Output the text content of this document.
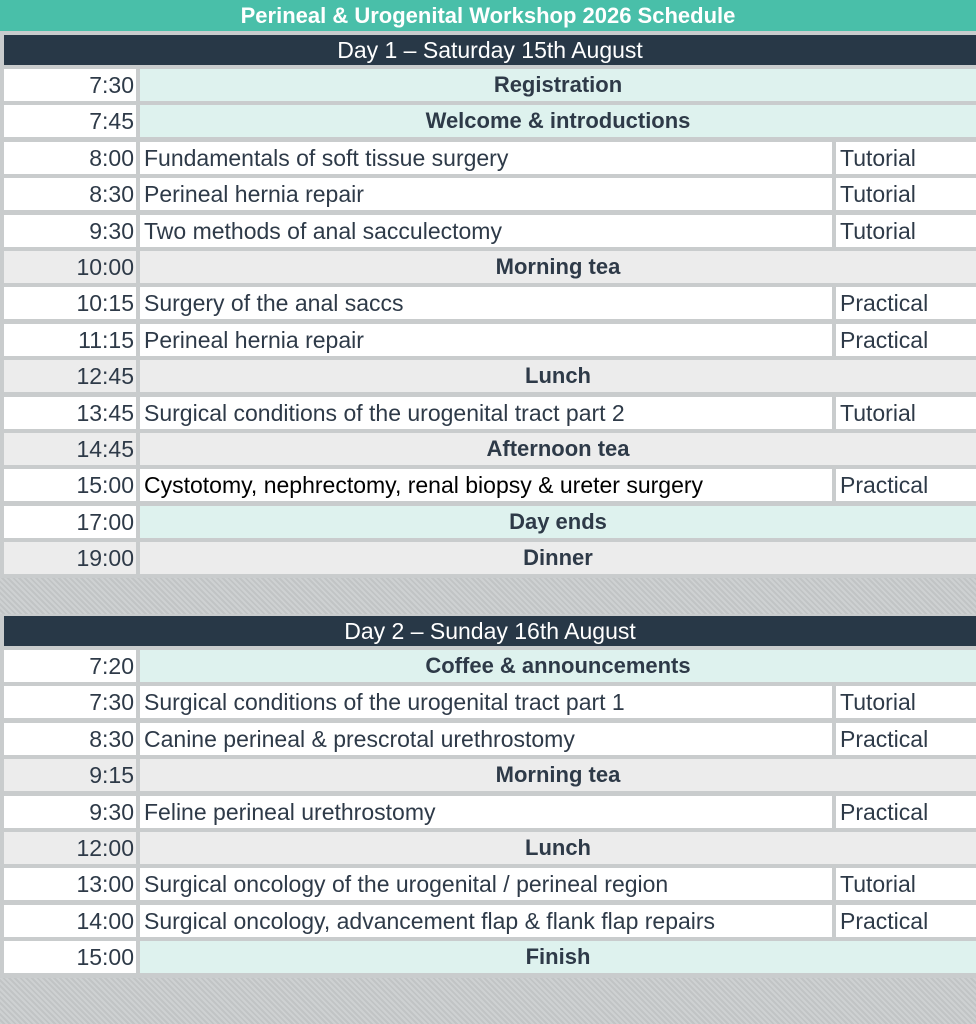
Perineal & Urogenital Workshop 2026 Schedule
Day 1 – Saturday 15th August
7:30	Registration
7:45	Welcome & introductions
8:00 Fundamentals of soft tissue surgery	Tutorial
8:30 Perineal hernia repair	Tutorial
9:30 Two methods of anal sacculectomy	Tutorial
10:00	Morning tea
10:15 Surgery of the anal saccs	Practical
11:15 Perineal hernia repair	Practical
12:45	Lunch
13:45 Surgical conditions of the urogenital tract part 2	Tutorial
14:45	Afternoon tea
15:00 Cystotomy, nephrectomy, renal biopsy & ureter surgery	Practical
17:00	Day ends
19:00	Dinner
Day 2 – Sunday 16th August
7:20	Coffee & announcements
7:30 Surgical conditions of the urogenital tract part 1	Tutorial
8:30 Canine perineal & prescrotal urethrostomy	Practical
9:15	Morning tea
9:30 Feline perineal urethrostomy	Practical
12:00	Lunch
13:00 Surgical oncology of the urogenital / perineal region	Tutorial
14:00 Surgical oncology, advancement flap & flank flap repairs	Practical
15:00	Finish
